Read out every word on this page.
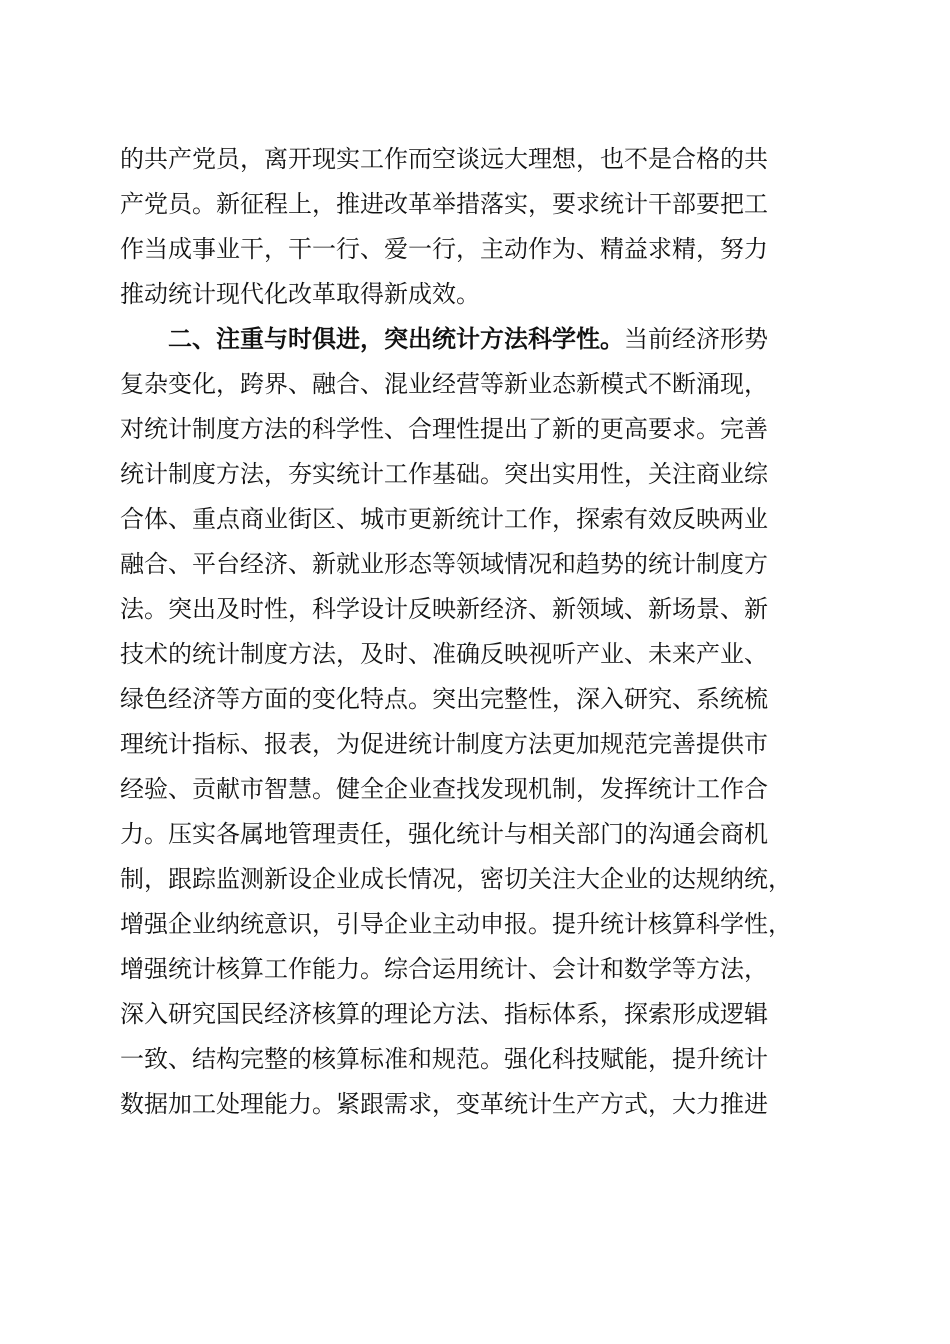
的共产党员，离开现实工作而空谈远大理想，也不是合格的共
产党员。新征程上，推进改革举措落实，要求统计干部要把工
作当成事业干，干一行、爱一行，主动作为、精益求精，努力
推动统计现代化改革取得新成效。
二、注重与时俱进，突出统计方法科学性。当前经济形势
复杂变化，跨界、融合、混业经营等新业态新模式不断涌现，
对统计制度方法的科学性、合理性提出了新的更高要求。完善
统计制度方法，夯实统计工作基础。突出实用性，关注商业综
合体、重点商业街区、城市更新统计工作，探索有效反映两业
融合、平台经济、新就业形态等领域情况和趋势的统计制度方
法。突出及时性，科学设计反映新经济、新领域、新场景、新
技术的统计制度方法，及时、准确反映视听产业、未来产业、
绿色经济等方面的变化特点。突出完整性，深入研究、系统梳
理统计指标、报表，为促进统计制度方法更加规范完善提供市
经验、贡献市智慧。健全企业查找发现机制，发挥统计工作合
力。压实各属地管理责任，强化统计与相关部门的沟通会商机
制，跟踪监测新设企业成长情况，密切关注大企业的达规纳统，
增强企业纳统意识，引导企业主动申报。提升统计核算科学性，
增强统计核算工作能力。综合运用统计、会计和数学等方法，
深入研究国民经济核算的理论方法、指标体系，探索形成逻辑
一致、结构完整的核算标准和规范。强化科技赋能，提升统计
数据加工处理能力。紧跟需求，变革统计生产方式，大力推进
